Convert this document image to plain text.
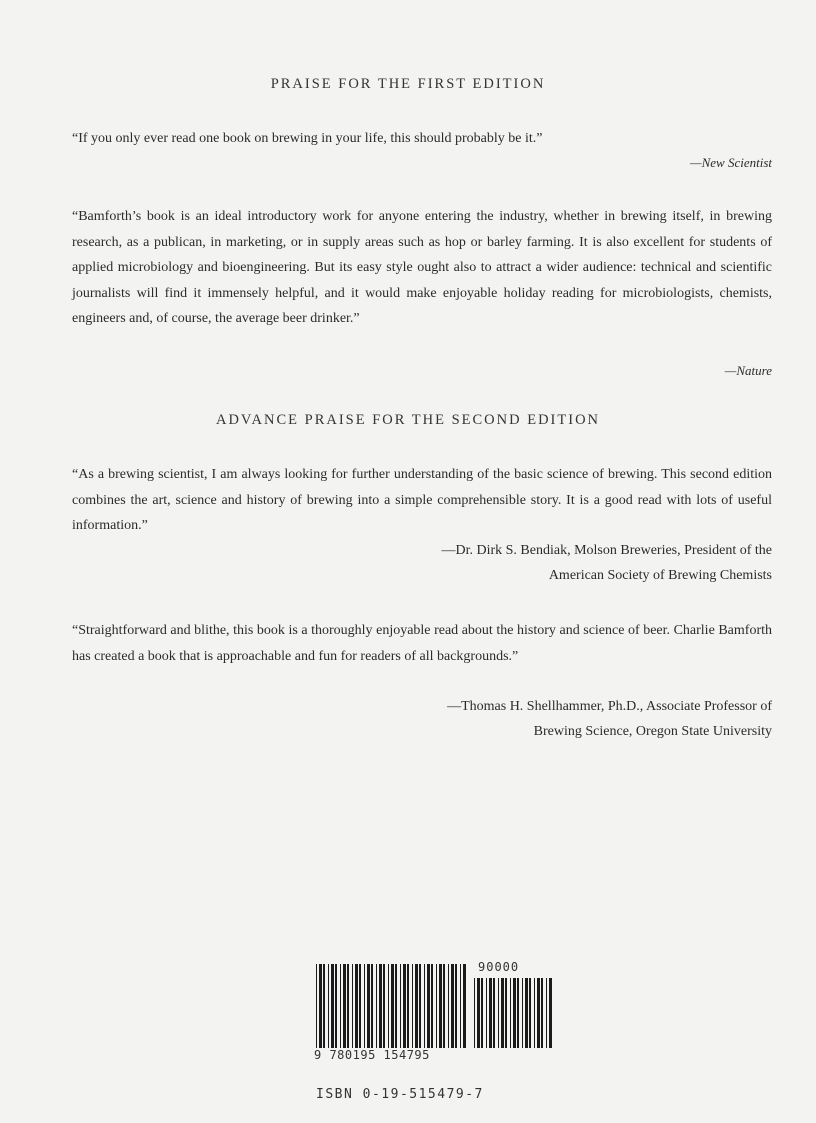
PRAISE FOR THE FIRST EDITION
“If you only ever read one book on brewing in your life, this should probably be it.”
—New Scientist
“Bamforth’s book is an ideal introductory work for anyone entering the industry, whether in brewing itself, in brewing research, as a publican, in marketing, or in supply areas such as hop or barley farming. It is also excellent for students of applied microbiology and bioengineering. But its easy style ought also to attract a wider audience: technical and scientific journalists will find it immensely helpful, and it would make enjoyable holiday reading for microbiologists, chemists, engineers and, of course, the average beer drinker.”
—Nature
ADVANCE PRAISE FOR THE SECOND EDITION
“As a brewing scientist, I am always looking for further understanding of the basic science of brewing. This second edition combines the art, science and history of brewing into a simple comprehensible story. It is a good read with lots of useful information.”
—Dr. Dirk S. Bendiak, Molson Breweries, President of the
American Society of Brewing Chemists
“Straightforward and blithe, this book is a thoroughly enjoyable read about the history and science of beer. Charlie Bamforth has created a book that is approachable and fun for readers of all backgrounds.”
—Thomas H. Shellhammer, Ph.D., Associate Professor of
Brewing Science, Oregon State University
9 780195 154795
90000
ISBN 0-19-515479-7
